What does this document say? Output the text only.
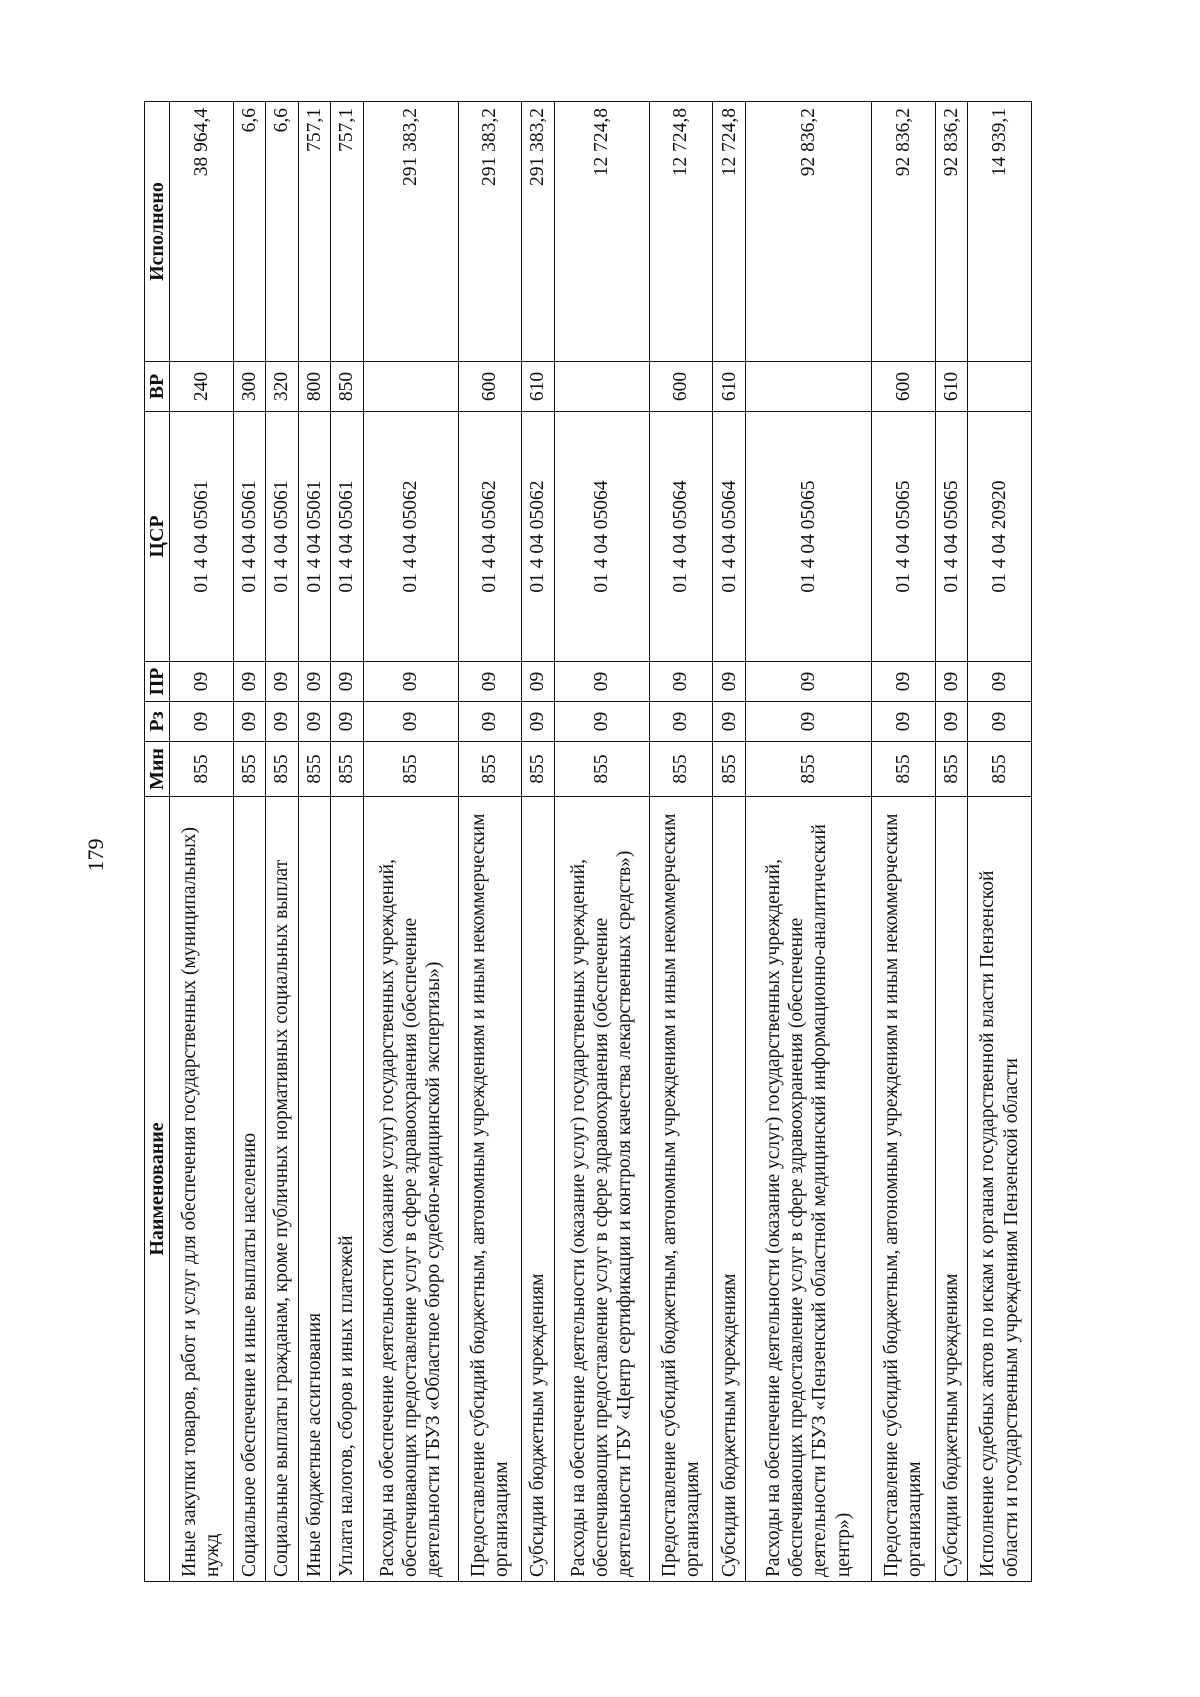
179
Наименование	Мин	Рз	ПР	ЦСР	ВР	Исполнено
Иные закупки товаров, работ и услуг для обеспечения государственных (муниципальных) нужд	855	09	09	01 4 04 05061	240	38 964,4
Социальное обеспечение и иные выплаты населению	855	09	09	01 4 04 05061	300	6,6
Социальные выплаты гражданам, кроме публичных нормативных социальных выплат	855	09	09	01 4 04 05061	320	6,6
Иные бюджетные ассигнования	855	09	09	01 4 04 05061	800	757,1
Уплата налогов, сборов и иных платежей	855	09	09	01 4 04 05061	850	757,1
Расходы на обеспечение деятельности (оказание услуг) государственных учреждений, обеспечивающих предоставление услуг в сфере здравоохранения (обеспечение деятельности ГБУЗ «Областное бюро судебно-медицинской экспертизы»)	855	09	09	01 4 04 05062		291 383,2
Предоставление субсидий бюджетным, автономным учреждениям и иным некоммерческим организациям	855	09	09	01 4 04 05062	600	291 383,2
Субсидии бюджетным учреждениям	855	09	09	01 4 04 05062	610	291 383,2
Расходы на обеспечение деятельности (оказание услуг) государственных учреждений, обеспечивающих предоставление услуг в сфере здравоохранения (обеспечение деятельности ГБУ «Центр сертификации и контроля качества лекарственных средств»)	855	09	09	01 4 04 05064		12 724,8
Предоставление субсидий бюджетным, автономным учреждениям и иным некоммерческим организациям	855	09	09	01 4 04 05064	600	12 724,8
Субсидии бюджетным учреждениям	855	09	09	01 4 04 05064	610	12 724,8
Расходы на обеспечение деятельности (оказание услуг) государственных учреждений, обеспечивающих предоставление услуг в сфере здравоохранения (обеспечение деятельности ГБУЗ «Пензенский областной медицинский информационно-аналитический центр»)	855	09	09	01 4 04 05065		92 836,2
Предоставление субсидий бюджетным, автономным учреждениям и иным некоммерческим организациям	855	09	09	01 4 04 05065	600	92 836,2
Субсидии бюджетным учреждениям	855	09	09	01 4 04 05065	610	92 836,2
Исполнение судебных актов по искам к органам государственной власти Пензенской области и государственным учреждениям Пензенской области	855	09	09	01 4 04 20920		14 939,1
